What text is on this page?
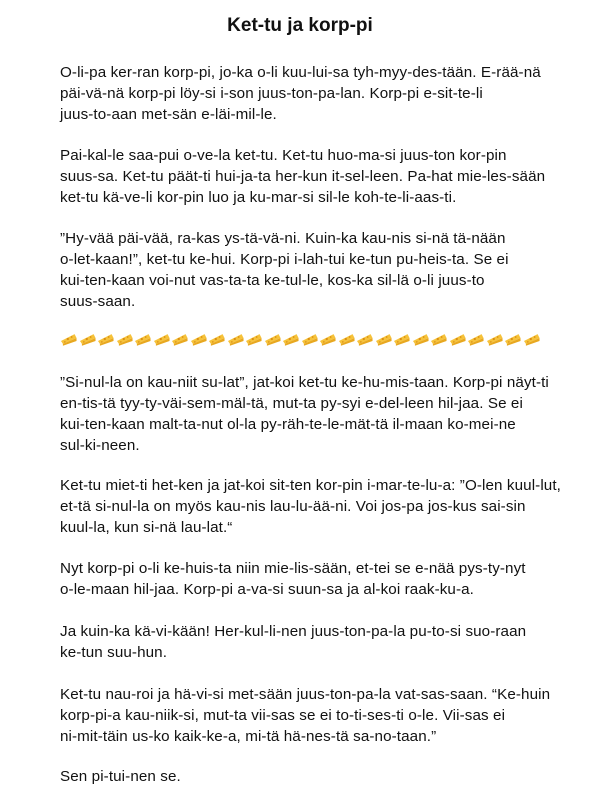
Ket-tu ja korp-pi
O-li-pa ker-ran korp-pi, jo-ka o-li kuu-lui-sa tyh-myy-des-tään. E-rää-nä
päi-vä-nä korp-pi löy-si i-son juus-ton-pa-lan. Korp-pi e-sit-te-li
juus-to-aan met-sän e-läi-mil-le.
Pai-kal-le saa-pui o-ve-la ket-tu. Ket-tu huo-ma-si juus-ton kor-pin
suus-sa. Ket-tu päät-ti hui-ja-ta her-kun it-sel-leen. Pa-hat mie-les-sään
ket-tu kä-ve-li kor-pin luo ja ku-mar-si sil-le koh-te-li-aas-ti.
”Hy-vää päi-vää, ra-kas ys-tä-vä-ni. Kuin-ka kau-nis si-nä tä-nään
o-let-kaan!”, ket-tu ke-hui. Korp-pi i-lah-tui ke-tun pu-heis-ta. Se ei
kui-ten-kaan voi-nut vas-ta-ta ke-tul-le, kos-ka sil-lä o-li juus-to
suus-saan.
”Si-nul-la on kau-niit su-lat”, jat-koi ket-tu ke-hu-mis-taan. Korp-pi näyt-ti
en-tis-tä tyy-ty-väi-sem-mäl-tä, mut-ta py-syi e-del-leen hil-jaa. Se ei
kui-ten-kaan malt-ta-nut ol-la py-räh-te-le-mät-tä il-maan ko-mei-ne
sul-ki-neen.
Ket-tu miet-ti het-ken ja jat-koi sit-ten kor-pin i-mar-te-lu-a: ”O-len kuul-lut,
et-tä si-nul-la on myös kau-nis lau-lu-ää-ni. Voi jos-pa jos-kus sai-sin
kuul-la, kun si-nä lau-lat.“
Nyt korp-pi o-li ke-huis-ta niin mie-lis-sään, et-tei se e-nää pys-ty-nyt
o-le-maan hil-jaa. Korp-pi a-va-si suun-sa ja al-koi raak-ku-a.
Ja kuin-ka kä-vi-kään! Her-kul-li-nen juus-ton-pa-la pu-to-si suo-raan
ke-tun suu-hun.
Ket-tu nau-roi ja hä-vi-si met-sään juus-ton-pa-la vat-sas-saan. “Ke-huin
korp-pi-a kau-niik-si, mut-ta vii-sas se ei to-ti-ses-ti o-le. Vii-sas ei
ni-mit-täin us-ko kaik-ke-a, mi-tä hä-nes-tä sa-no-taan.”
Sen pi-tui-nen se.
